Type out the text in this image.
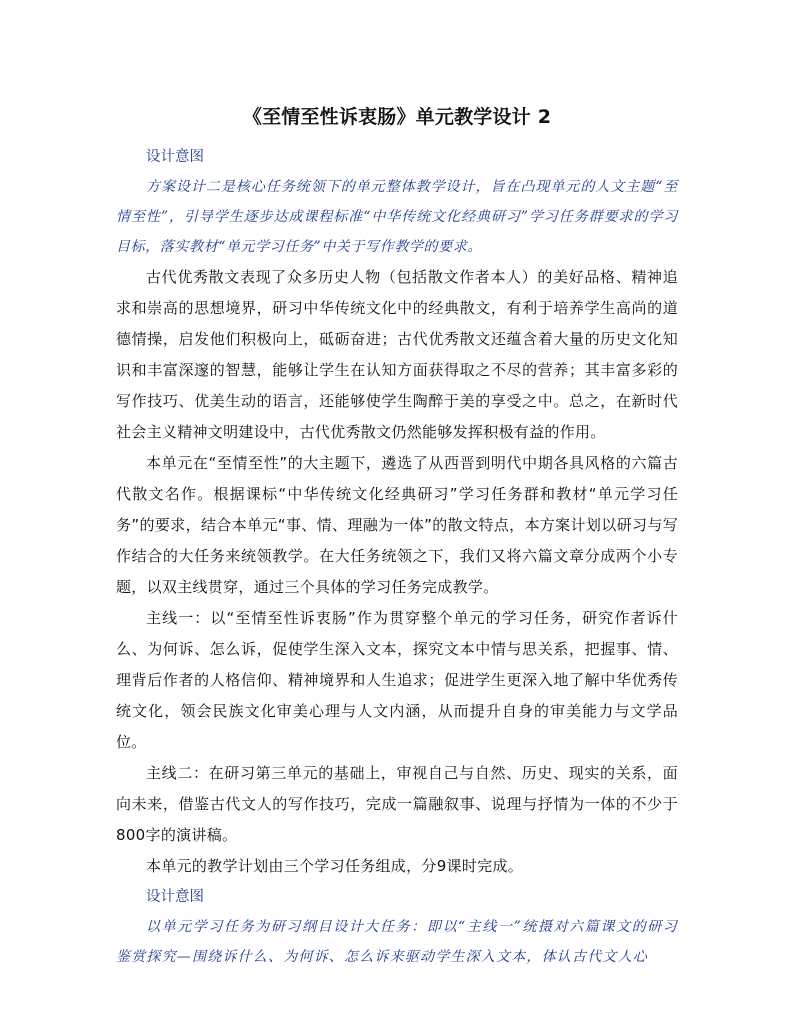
《至情至性诉衷肠》单元教学设计 2

设计意图

方案设计二是核心任务统领下的单元整体教学设计，旨在凸现单元的人文主题“至情至性”，引导学生逐步达成课程标准“中华传统文化经典研习”学习任务群要求的学习目标，落实教材“单元学习任务”中关于写作教学的要求。

古代优秀散文表现了众多历史人物（包括散文作者本人）的美好品格、精神追求和崇高的思想境界，研习中华传统文化中的经典散文，有利于培养学生高尚的道德情操，启发他们积极向上，砥砺奋进；古代优秀散文还蕴含着大量的历史文化知识和丰富深邃的智慧，能够让学生在认知方面获得取之不尽的营养；其丰富多彩的写作技巧、优美生动的语言，还能够使学生陶醉于美的享受之中。总之，在新时代社会主义精神文明建设中，古代优秀散文仍然能够发挥积极有益的作用。

本单元在“至情至性”的大主题下，遴选了从西晋到明代中期各具风格的六篇古代散文名作。根据课标“中华传统文化经典研习”学习任务群和教材“单元学习任务”的要求，结合本单元“事、情、理融为一体”的散文特点，本方案计划以研习与写作结合的大任务来统领教学。在大任务统领之下，我们又将六篇文章分成两个小专题，以双主线贯穿，通过三个具体的学习任务完成教学。

主线一：以“至情至性诉衷肠”作为贯穿整个单元的学习任务，研究作者诉什么、为何诉、怎么诉，促使学生深入文本，探究文本中情与思关系，把握事、情、理背后作者的人格信仰、精神境界和人生追求；促进学生更深入地了解中华优秀传统文化，领会民族文化审美心理与人文内涵，从而提升自身的审美能力与文学品位。

主线二：在研习第三单元的基础上，审视自己与自然、历史、现实的关系，面向未来，借鉴古代文人的写作技巧，完成一篇融叙事、说理与抒情为一体的不少于800字的演讲稿。

本单元的教学计划由三个学习任务组成，分9课时完成。

设计意图

以单元学习任务为研习纲目设计大任务：即以“主线一”统摄对六篇课文的研习鉴赏探究—围绕诉什么、为何诉、怎么诉来驱动学生深入文本，体认古代文人心
